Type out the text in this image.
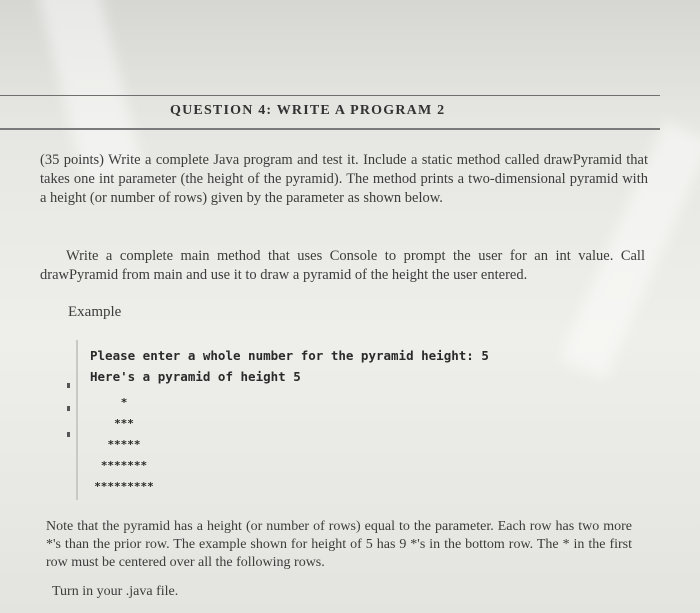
QUESTION 4: WRITE A PROGRAM 2
(35 points) Write a complete Java program and test it. Include a static method called drawPyramid that takes one int parameter (the height of the pyramid). The method prints a two-dimensional pyramid with a height (or number of rows) given by the parameter as shown below.
Write a complete main method that uses Console to prompt the user for an int value. Call drawPyramid from main and use it to draw a pyramid of the height the user entered.
Example
Please enter a whole number for the pyramid height: 5
Here's a pyramid of height 5
*
***
*****
*******
*********
Note that the pyramid has a height (or number of rows) equal to the parameter. Each row has two more *'s than the prior row. The example shown for height of 5 has 9 *'s in the bottom row. The * in the first row must be centered over all the following rows.
Turn in your .java file.
